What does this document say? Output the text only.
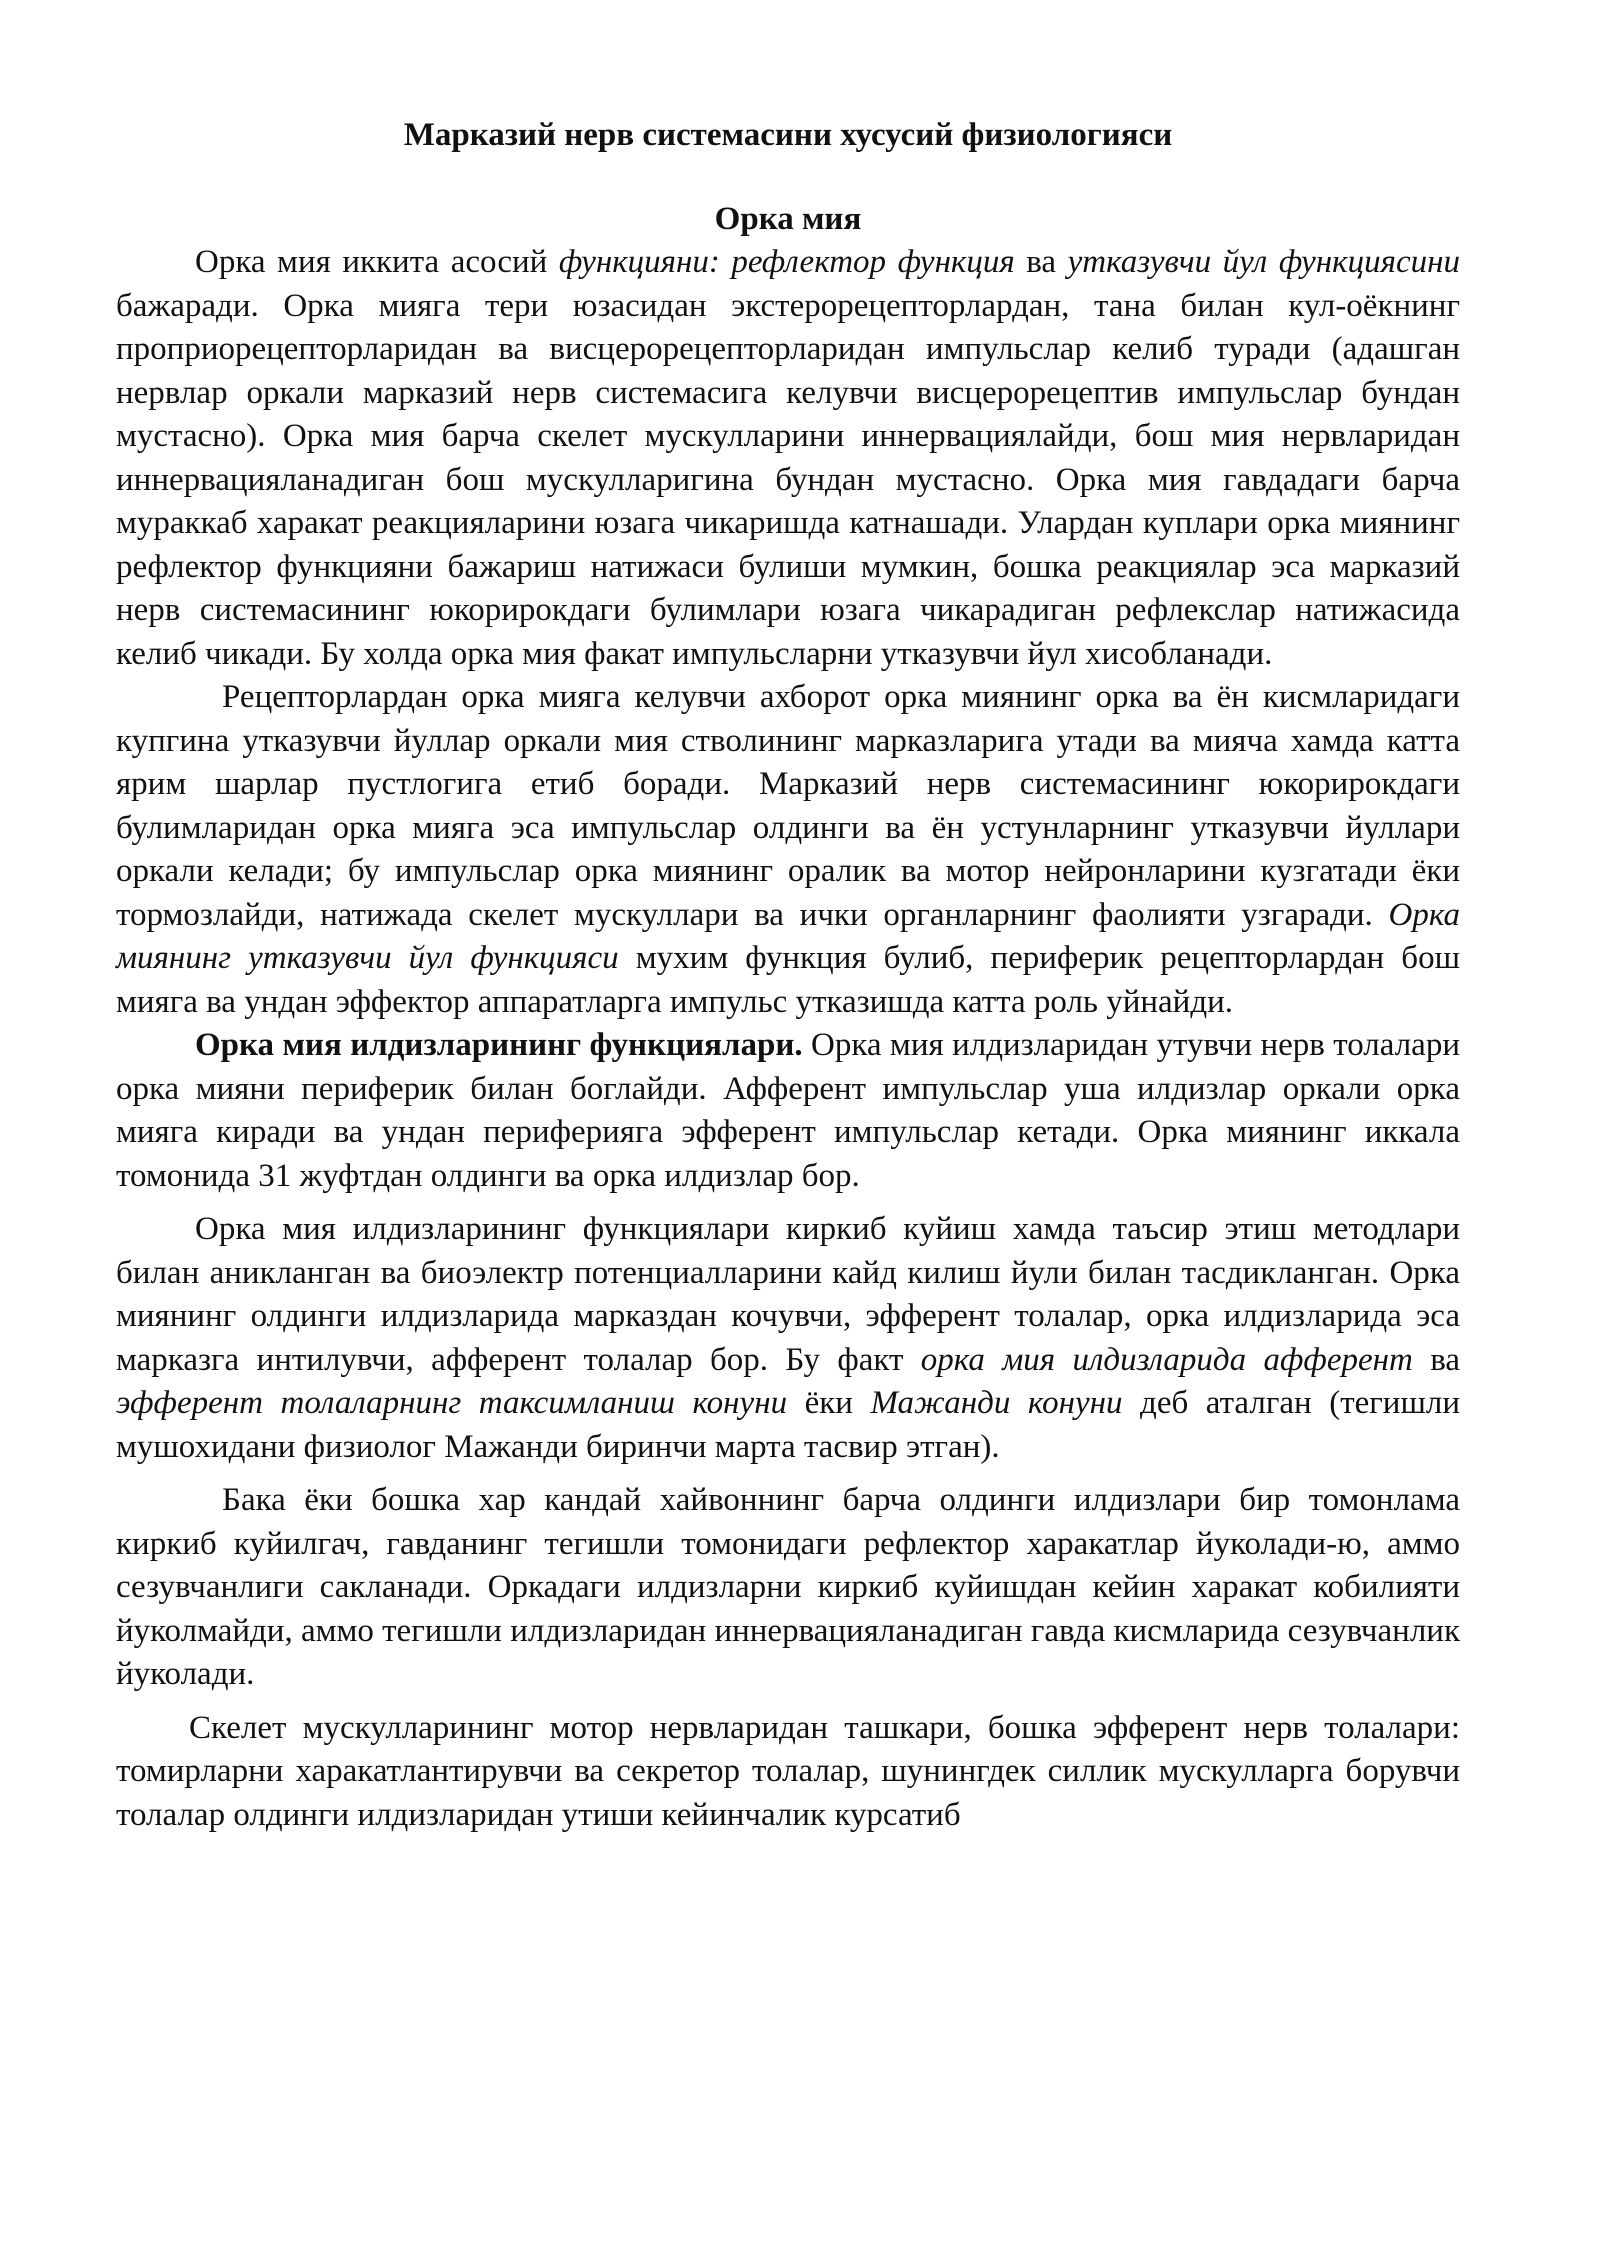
Марказий нерв системасини хусусий физиологияси
Орка мия

Орка мия иккита асосий функцияни: рефлектор функция ва утказувчи йул функциясини бажаради. Орка мияга тери юзасидан экстерорецепторлардан, тана билан кул-оёкнинг проприорецепторларидан ва висцерорецепторларидан импульслар келиб туради (адашган нервлар оркали марказий нерв системасига келувчи висцерорецептив импульслар бундан мустасно). Орка мия барча скелет мускулларини иннервациялайди, бош мия нервларидан иннервацияланадиган бош мускулларигина бундан мустасно. Орка мия гавдадаги барча мураккаб харакат реакцияларини юзага чикаришда катнашади. Улардан куплари орка миянинг рефлектор функцияни бажариш натижаси булиши мумкин, бошка реакциялар эса марказий нерв системасининг юкорирокдаги булимлари юзага чикарадиган рефлекслар натижасида келиб чикади. Бу холда орка мия факат импульсларни утказувчи йул хисобланади.

Рецепторлардан орка мияга келувчи ахборот орка миянинг орка ва ён кисмларидаги купгина утказувчи йуллар оркали мия стволининг марказларига утади ва мияча хамда катта ярим шарлар пустлогига етиб боради. Марказий нерв системасининг юкорирокдаги булимларидан орка мияга эса импульслар олдинги ва ён устунларнинг утказувчи йуллари оркали келади; бу импульслар орка миянинг оралик ва мотор нейронларини кузгатади ёки тормозлайди, натижада скелет мускуллари ва ички органларнинг фаолияти узгаради. Орка миянинг утказувчи йул функцияси мухим функция булиб, периферик рецепторлардан бош мияга ва ундан эффектор аппаратларга импульс утказишда катта роль уйнайди.

Орка мия илдизларининг функциялари. Орка мия илдизларидан утувчи нерв толалари орка мияни периферик билан боглайди. Афферент импульслар уша илдизлар оркали орка мияга киради ва ундан периферияга эфферент импульслар кетади. Орка миянинг иккала томонида 31 жуфтдан олдинги ва орка илдизлар бор.

Орка мия илдизларининг функциялари киркиб куйиш хамда таъсир этиш методлари билан аникланган ва биоэлектр потенциалларини кайд килиш йули билан тасдикланган. Орка миянинг олдинги илдизларида марказдан кочувчи, эфферент толалар, орка илдизларида эса марказга интилувчи, афферент толалар бор. Бу факт орка мия илдизларида афферент ва эфферент толаларнинг таксимланиш конуни ёки Мажанди конуни деб аталган (тегишли мушохидани физиолог Мажанди биринчи марта тасвир этган).

Бака ёки бошка хар кандай хайвоннинг барча олдинги илдизлари бир томонлама киркиб куйилгач, гавданинг тегишли томонидаги рефлектор харакатлар йуколади-ю, аммо сезувчанлиги сакланади. Оркадаги илдизларни киркиб куйишдан кейин харакат кобилияти йуколмайди, аммо тегишли илдизларидан иннервацияланадиган гавда кисмларида сезувчанлик йуколади.

Скелет мускулларининг мотор нервларидан ташкари, бошка эфферент нерв толалари: томирларни харакатлантирувчи ва секретор толалар, шунингдек силлик мускулларга борувчи толалар олдинги илдизларидан утиши кейинчалик курсатиб
